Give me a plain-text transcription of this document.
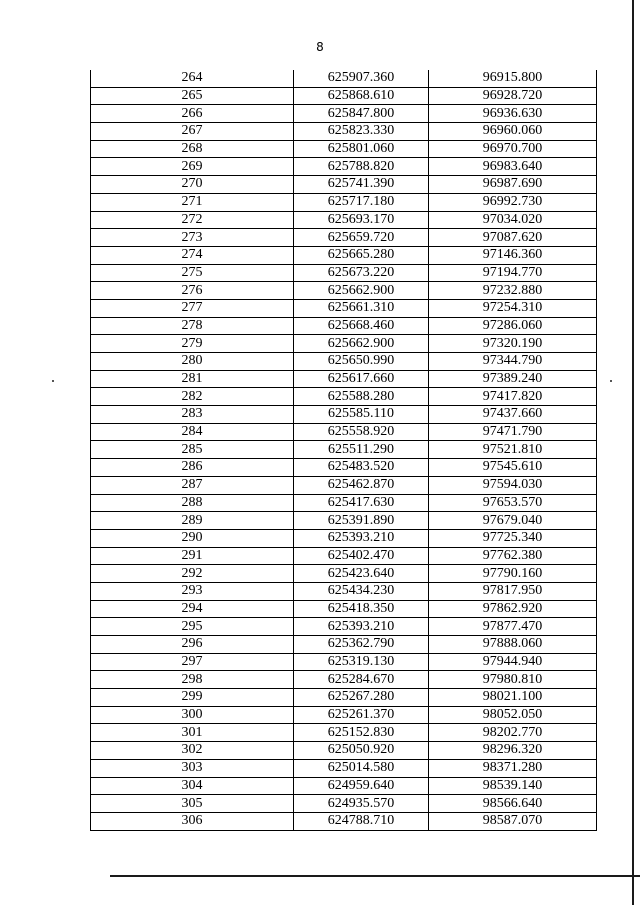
8
264	625907.360	96915.800
265	625868.610	96928.720
266	625847.800	96936.630
267	625823.330	96960.060
268	625801.060	96970.700
269	625788.820	96983.640
270	625741.390	96987.690
271	625717.180	96992.730
272	625693.170	97034.020
273	625659.720	97087.620
274	625665.280	97146.360
275	625673.220	97194.770
276	625662.900	97232.880
277	625661.310	97254.310
278	625668.460	97286.060
279	625662.900	97320.190
280	625650.990	97344.790
281	625617.660	97389.240
282	625588.280	97417.820
283	625585.110	97437.660
284	625558.920	97471.790
285	625511.290	97521.810
286	625483.520	97545.610
287	625462.870	97594.030
288	625417.630	97653.570
289	625391.890	97679.040
290	625393.210	97725.340
291	625402.470	97762.380
292	625423.640	97790.160
293	625434.230	97817.950
294	625418.350	97862.920
295	625393.210	97877.470
296	625362.790	97888.060
297	625319.130	97944.940
298	625284.670	97980.810
299	625267.280	98021.100
300	625261.370	98052.050
301	625152.830	98202.770
302	625050.920	98296.320
303	625014.580	98371.280
304	624959.640	98539.140
305	624935.570	98566.640
306	624788.710	98587.070
